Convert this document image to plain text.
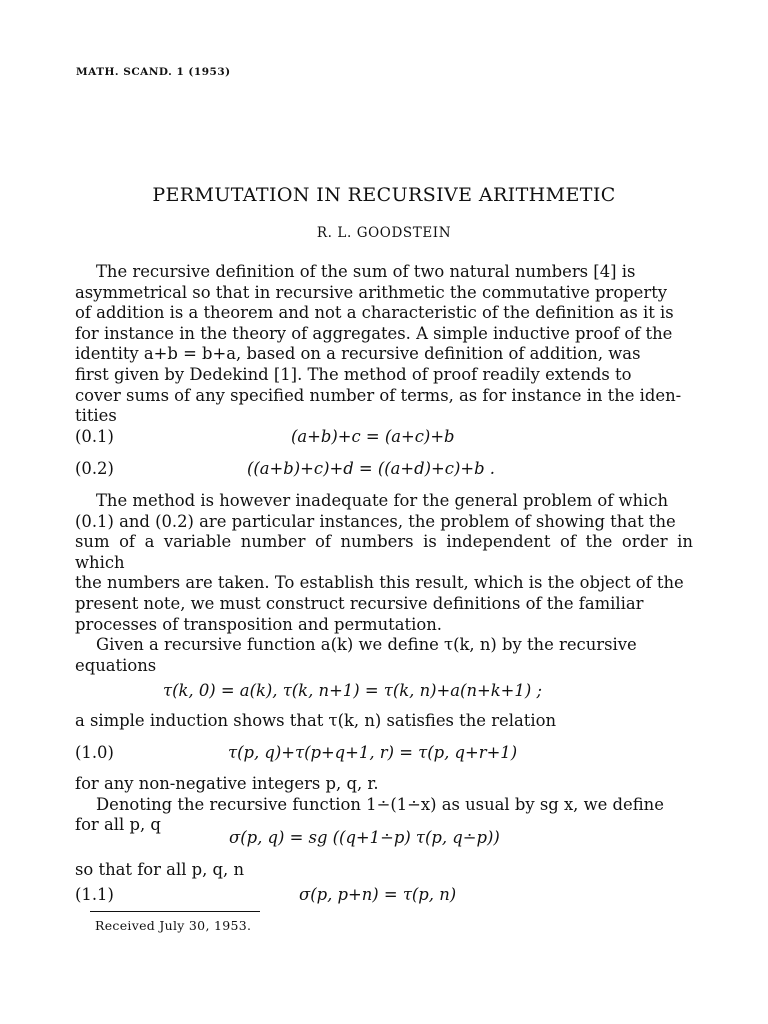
MATH. SCAND. 1 (1953)
PERMUTATION IN RECURSIVE ARITHMETIC
R. L. GOODSTEIN

The recursive definition of the sum of two natural numbers [4] is

asymmetrical so that in recursive arithmetic the commutative property

of addition is a theorem and not a characteristic of the definition as it is

for instance in the theory of aggregates. A simple inductive proof of the

identity a+b = b+a, based on a recursive definition of addition, was

first given by Dedekind [1]. The method of proof readily extends to

cover sums of any specified number of terms, as for instance in the iden-

tities

(0.1)	(a+b)+c = (a+c)+b
(0.2)	((a+b)+c)+d = ((a+d)+c)+b .

The method is however inadequate for the general problem of which

(0.1) and (0.2) are particular instances, the problem of showing that the

sum of a variable number of numbers is independent of the order in which

the numbers are taken. To establish this result, which is the object of the

present note, we must construct recursive definitions of the familiar

processes of transposition and permutation.

Given a recursive function a(k) we define τ(k, n) by the recursive

equations

τ(k, 0) = a(k), τ(k, n+1) = τ(k, n)+a(n+k+1) ;

a simple induction shows that τ(k, n) satisfies the relation

(1.0)	τ(p, q)+τ(p+q+1, r) = τ(p, q+r+1)

for any non-negative integers p, q, r.

Denoting the recursive function 1∸(1∸x) as usual by sg x, we define

for all p, q

σ(p, q) = sg ((q+1∸p) τ(p, q∸p))

so that for all p, q, n

(1.1)	σ(p, p+n) = τ(p, n)
Received July 30, 1953.
